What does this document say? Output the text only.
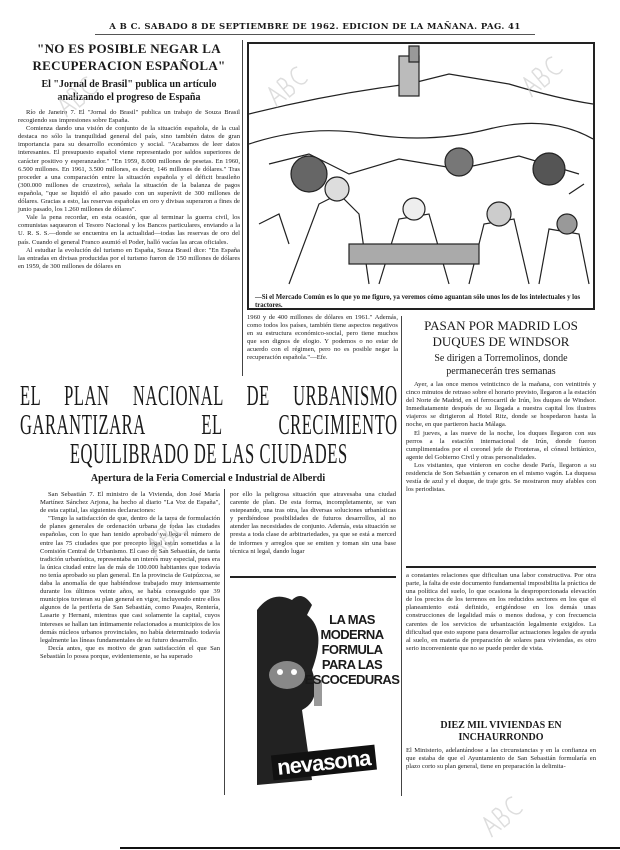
A B C. SABADO 8 DE SEPTIEMBRE DE 1962. EDICION DE LA MAÑANA. PAG. 41
"NO ES POSIBLE NEGAR LA RECUPERACION ESPAÑOLA"
El "Jornal de Brasil" publica un artículo analizando el progreso de España

Río de Janeiro 7. El "Jornal do Brasil" publica un trabajo de Souza Brasil recogiendo sus impresiones sobre España.

Comienza dando una visión de conjunto de la situación española, de la cual destaca no sólo la tranquilidad general del país, sino también datos de gran importancia para su desarrollo económico y social. "Acabamos de leer datos interesantes. El presupuesto español viene representado por saldos superiores de carácter positivo y esperanzador." "En 1959, 8.000 millones de pesetas. En 1960, 6.500 millones. En 1961, 3.500 millones, es decir, 146 millones de dólares." Tras proceder a una comparación entre la situación española y el déficit brasileño (300.000 millones de cruzeiros), señala la situación de la balanza de pagos española, "que se liquidó el año pasado con un superávit de 300 millones de dólares. Gracias a esto, las reservas españolas en oro y divisas superaron a fines de junio pasado, los 1.260 millones de dólares".

Vale la pena recordar, en esta ocasión, que al terminar la guerra civil, los comunistas saquearon el Tesoro Nacional y los Bancos particulares, enviando a la U. R. S. S.—donde se encuentra en la actualidad—todas las reservas de oro del país. Cuando el general Franco asumió el Poder, halló vacías las arcas oficiales.

Al estudiar la evolución del turismo en España, Souza Brasil dice: "En España las entradas en divisas producidas por el turismo fueron de 150 millones de dólares en 1959, de 300 millones de dólares en

—Si el Mercado Común es lo que yo me figuro, ya veremos cómo aguantan sólo unos los de los intelectuales y los tractores.
1960 y de 400 millones de dólares en 1961." Además, como todos los países, también tiene aspectos negativos en su estructura económico-social, pero tiene muchos que son dignos de elogio. Y podemos o no estar de acuerdo con el régimen, pero no es posible negar la recuperación española."—Efe.
PASAN POR MADRID LOS DUQUES DE WINDSOR
Se dirigen a Torremolinos, donde permanecerán tres semanas

Ayer, a las once menos veinticinco de la mañana, con veintitrés y cinco minutos de retraso sobre el horario previsto, llegaron a la estación del Norte de Madrid, en el ferrocarril de Irún, los duques de Windsor. Inmediatamente después de su llegada a nuestra capital los ilustres viajeros se dirigieron al Hotel Ritz, donde se hospedaron hasta la noche, en que partieron hacia Málaga.

El jueves, a las nueve de la noche, los duques llegaron con sus perros a la estación internacional de Irún, donde fueron cumplimentados por el coronel jefe de Fronteras, el cónsul británico, agente del Gobierno Civil y otras personalidades.

Los visitantes, que vinieron en coche desde París, llegaron a su residencia de Son Sebastián y cenaron en el mismo vagón. La duquesa vestía de azul y el duque, de traje gris. Se mostraron muy afables con los periodistas.

EL PLAN NACIONAL DE URBANISMO GARANTIZARA EL CRECIMIENTO EQUILIBRADO DE LAS CIUDADES
Apertura de la Feria Comercial e Industrial de Alberdi

San Sebastián 7. El ministro de la Vivienda, don José María Martínez Sánchez Arjona, ha hecho al diario "La Voz de España", de esta capital, las siguientes declaraciones:

"Tengo la satisfacción de que, dentro de la tarea de formulación de planes generales de ordenación urbana de todas las ciudades españolas, con lo que han tenido aprobado ya llega el número de entre las 75 ciudades que por precepto legal están sometidas a la Comisión Central de Urbanismo. El caso de San Sebastián, de tanta tradición urbanística, representaba un interés muy especial, pues era la única ciudad entre las de más de 100.000 habitantes que todavía no tenía aprobado su plan general. En la provincia de Guipúzcoa, se daba la anomalía de que habiéndose trabajado muy intensamente durante los últimos veinte años, se había conseguido que 39 municipios tuvieran su plan general en vigor, incluyendo entre ellos algunos de la periferia de San Sebastián, como Pasajes, Rentería, Lasarte y Hernani, mientras que casi solamente la capital, cuyos intereses se hallan tan íntimamente relacionados a municipios de los demás núcleos urbanos provinciales, no había determinado todavía legalmente las líneas fundamentales de su futuro desarrollo.

Decía antes, que es motivo de gran satisfacción el que San Sebastián lo posea porque, evidentemente, se ha superado

por ello la peligrosa situación que atravesaba una ciudad carente de plan. De esta forma, incompletamente, se van estepeando, una tras otra, las diversas soluciones urbanísticas y perdiéndose posibilidades de futuros desarrollos, al no atender las necesidades de conjunto. Además, esta situación se presta a toda clase de arbitrariedades, ya que se está a merced de informes y arreglos que se emiten y toman sin una base técnica ni legal, dando lugar
LA MAS MODERNA FORMULA PARA LAS ESCOCEDURAS
nevasona
a constantes relaciones que dificultan una labor constructiva. Por otra parte, la falta de este documento fundamental imposibilita la práctica de una política del suelo, lo que ocasiona la desproporcionada elevación de los precios de los terrenos en los reducidos sectores en los que el planeamiento está definido, erigiéndose en los demás unas construcciones de legalidad más o menos dudosa, y con frecuencia carentes de los servicios de urbanización legalmente exigidos. La dificultad que esto supone para desarrollar actuaciones legales de ayuda al suelo, en materia de preparación de solares para viviendas, es otro serio inconveniente que no se puede perder de vista.
DIEZ MIL VIVIENDAS EN INCHAURRONDO
El Ministerio, adelantándose a las circunstancias y en la confianza en que estaba de que el Ayuntamiento de San Sebastián formularía en plazo corto su plan general, tiene en preparación la delimita-
